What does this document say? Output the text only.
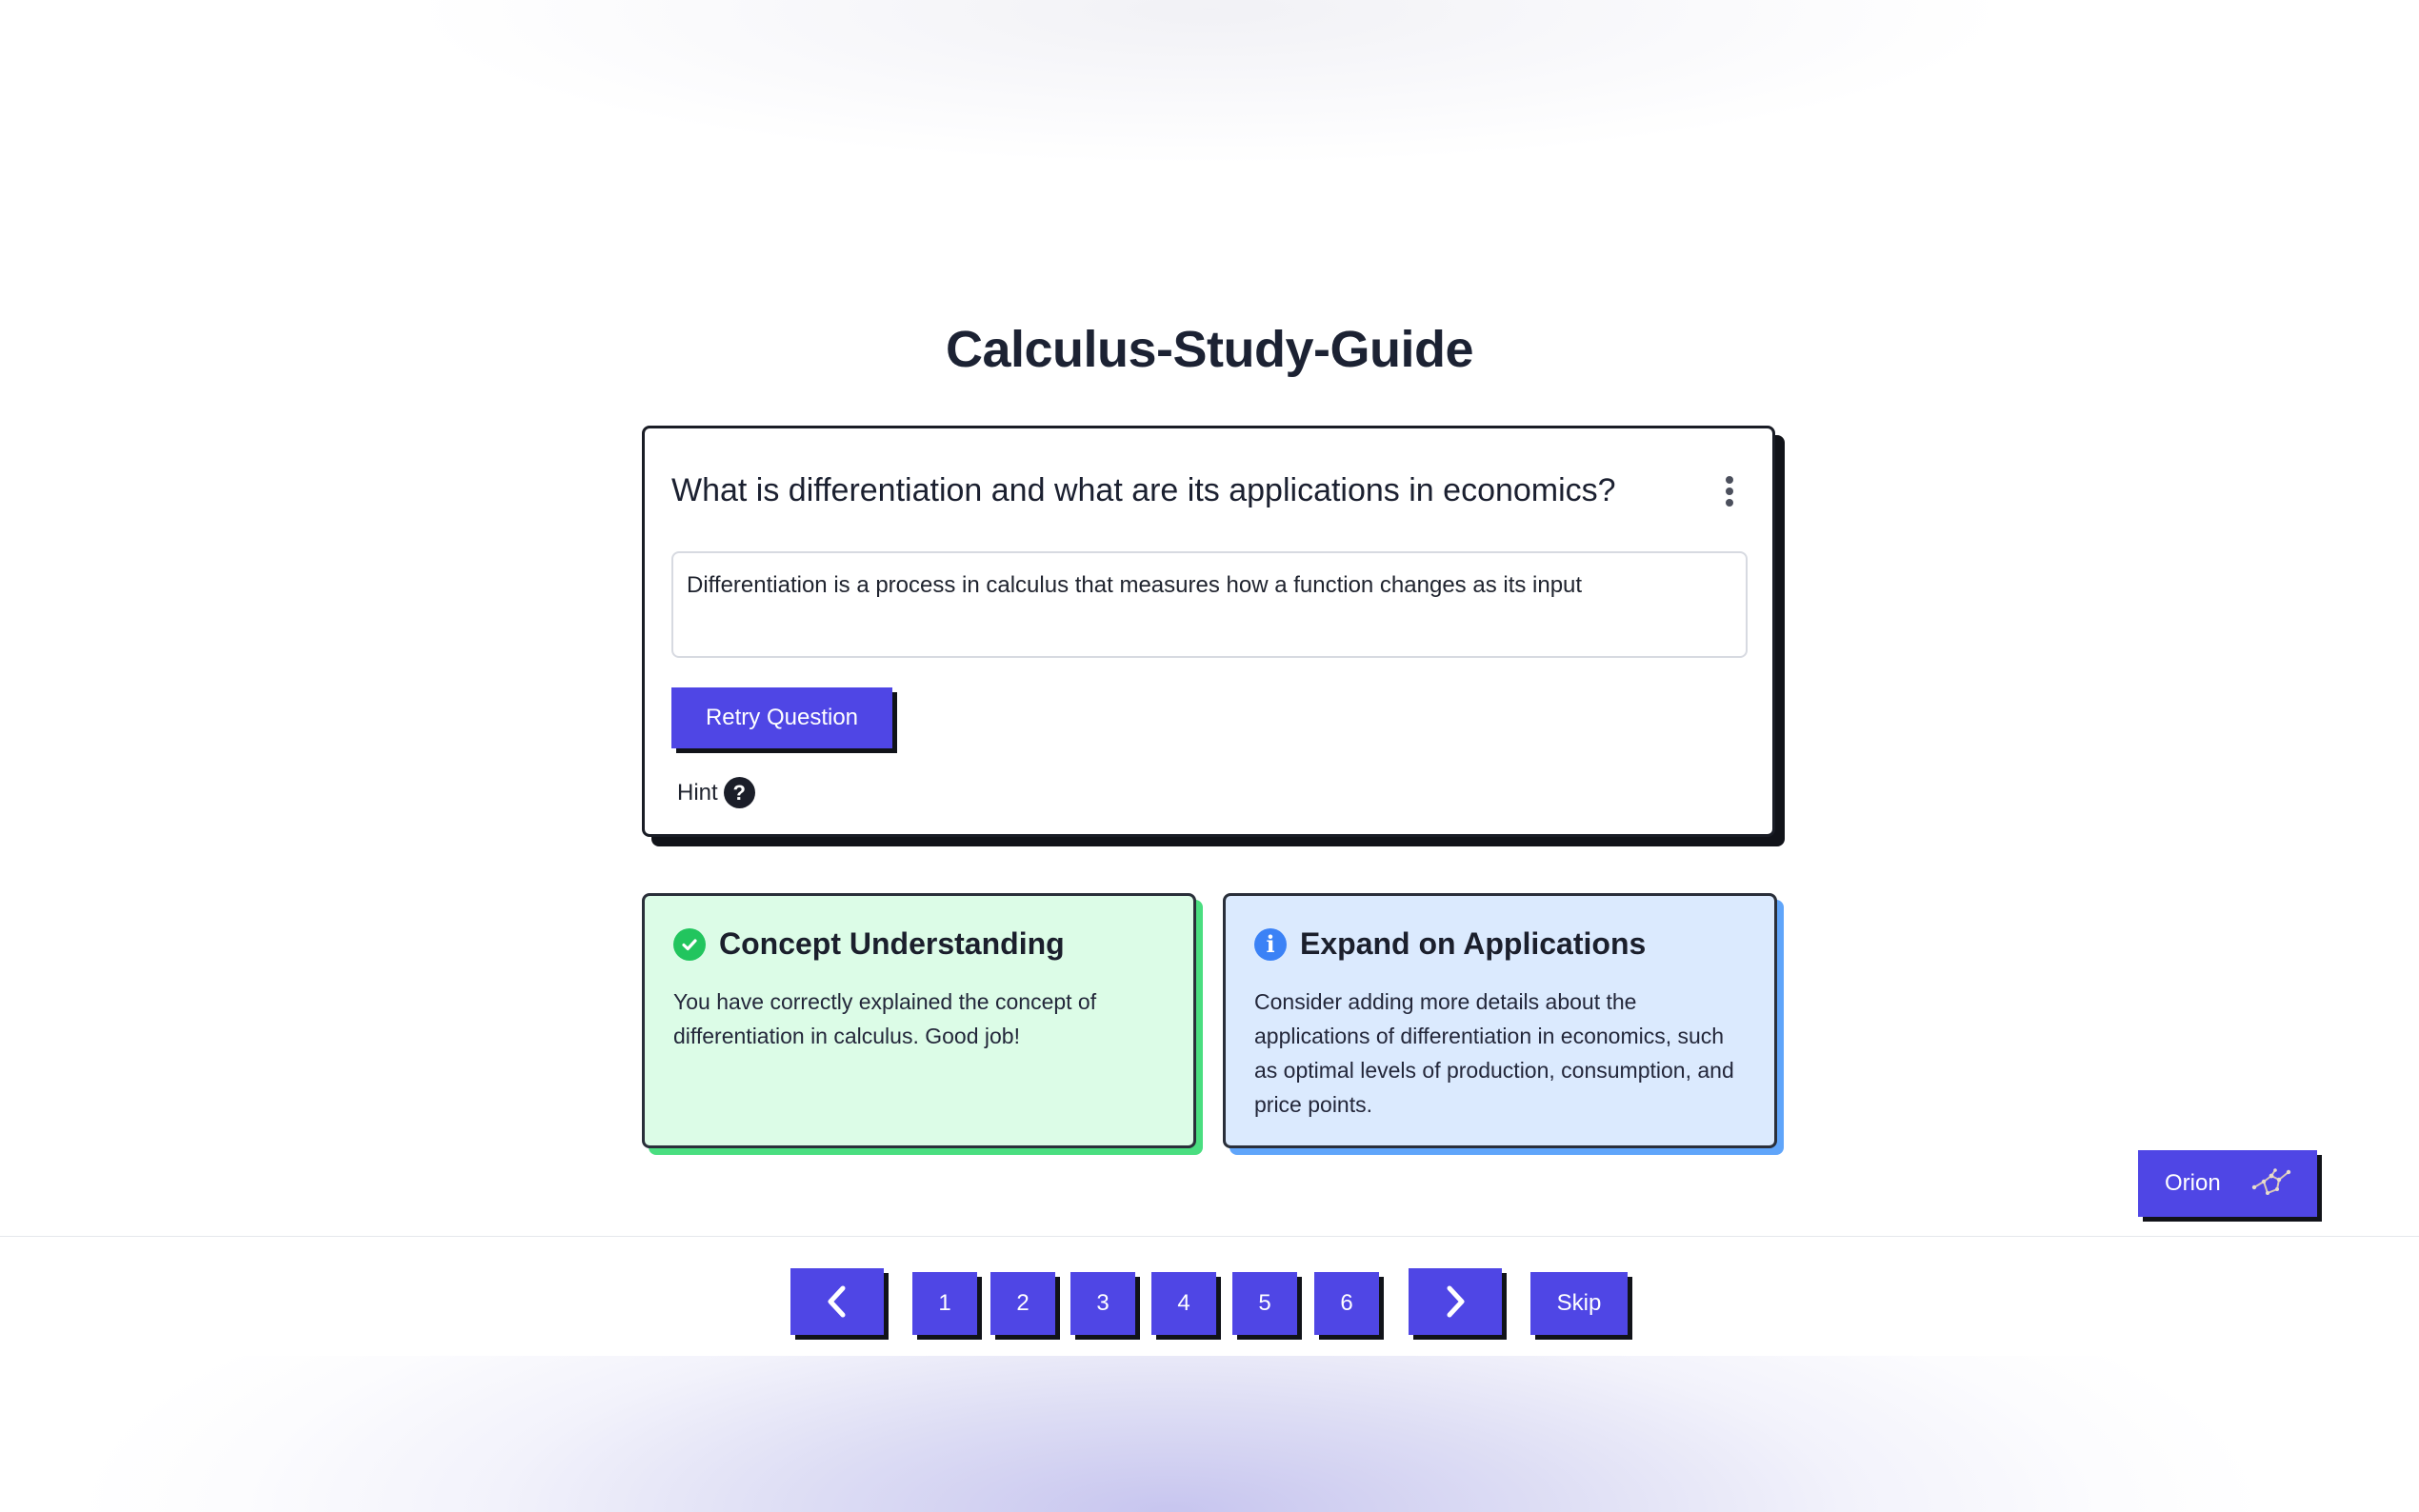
Calculus-Study-Guide
What is differentiation and what are its applications in economics?
Differentiation is a process in calculus that measures how a function changes as its input
Retry Question
Hint ?
Concept Understanding
You have correctly explained the concept of differentiation in calculus. Good job!
i Expand on Applications
Consider adding more details about the applications of differentiation in economics, such as optimal levels of production, consumption, and price points.
Orion
1	2	3	4	5	6	Skip
